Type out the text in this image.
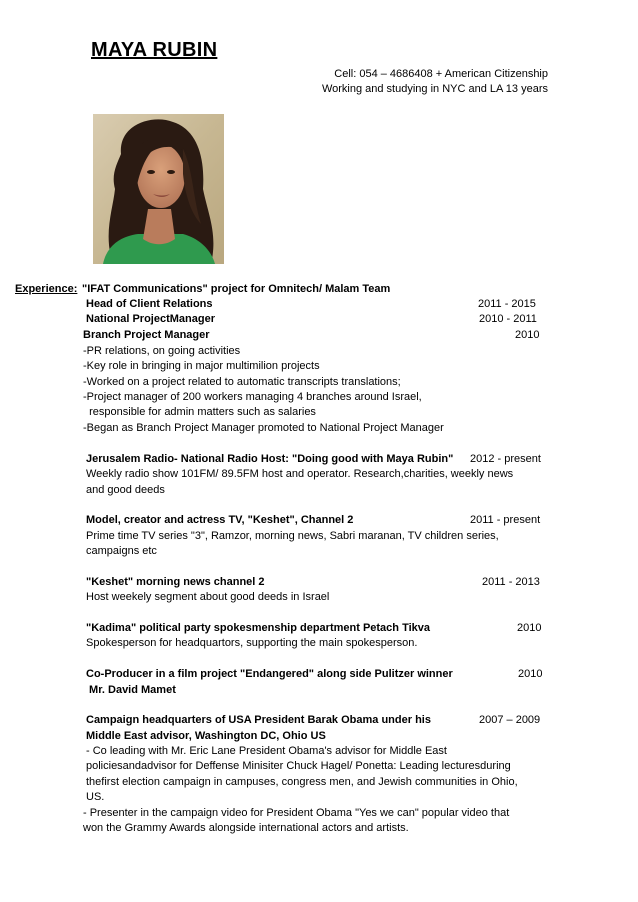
MAYA RUBIN
Cell: 054 – 4686408 + American Citizenship
Working and studying in NYC and LA 13 years
Experience: "IFAT Communications" project for Omnitech/ Malam Team
Head of Client Relations	2011 - 2015
National ProjectManager	2010 - 2011
Branch Project Manager	2010
-PR relations, on going activities
-Key role in bringing in major multimilion projects
-Worked on a project related to automatic transcripts translations;
-Project manager of 200 workers managing 4 branches around Israel,
responsible for admin matters such as salaries
-Began as Branch Project Manager promoted to National Project Manager
Jerusalem Radio- National Radio Host: "Doing good with Maya Rubin" 2012 - present
Weekly radio show 101FM/ 89.5FM host and operator. Research,charities, weekly news
and good deeds
Model, creator and actress TV, "Keshet", Channel 2	2011 - present
Prime time TV series "3", Ramzor, morning news, Sabri maranan, TV children series,
campaigns etc
"Keshet" morning news channel 2	2011 - 2013
Host weekely segment about good deeds in Israel
"Kadima" political party spokesmenship department Petach Tikva	2010
Spokesperson for headquartors, supporting the main spokesperson.
Co-Producer in a film project "Endangered" along side Pulitzer winner	2010
Mr. David Mamet
Campaign headquarters of USA President Barak Obama under his	2007 – 2009
Middle East advisor, Washington DC, Ohio US
- Co leading with Mr. Eric Lane President Obama's advisor for Middle East
policiesandadvisor for Deffense Minisiter Chuck Hagel/ Ponetta: Leading lecturesduring
thefirst election campaign in campuses, congress men, and Jewish communities in Ohio,
US.
- Presenter in the campaign video for President Obama "Yes we can" popular video that
won the Grammy Awards alongside international actors and artists.
